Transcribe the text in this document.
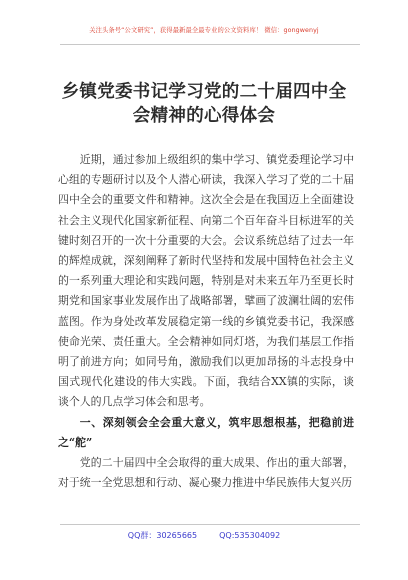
关注头条号“公文研究”，获得最新最全最专业的公文资料库！ 微信：gongwenyj
乡镇党委书记学习党的二十届四中全会精神的心得体会

近期，通过参加上级组织的集中学习、镇党委理论学习中心组的专题研讨以及个人潜心研读，我深入学习了党的二十届四中全会的重要文件和精神。这次全会是在我国迈上全面建设社会主义现代化国家新征程、向第二个百年奋斗目标进军的关键时刻召开的一次十分重要的大会。会议系统总结了过去一年的辉煌成就，深刻阐释了新时代坚持和发展中国特色社会主义的一系列重大理论和实践问题，特别是对未来五年乃至更长时期党和国家事业发展作出了战略部署，擘画了波澜壮阔的宏伟蓝图。作为身处改革发展稳定第一线的乡镇党委书记，我深感使命光荣、责任重大。全会精神如同灯塔，为我们基层工作指明了前进方向；如同号角，激励我们以更加昂扬的斗志投身中国式现代化建设的伟大实践。下面，我结合XX镇的实际，谈谈个人的几点学习体会和思考。

一、深刻领会全会重大意义，筑牢思想根基，把稳前进之“舵”

党的二十届四中全会取得的重大成果、作出的重大部署，对于统一全党思想和行动、凝心聚力推进中华民族伟大复兴历

QQ群：30265665	QQ:535304092
